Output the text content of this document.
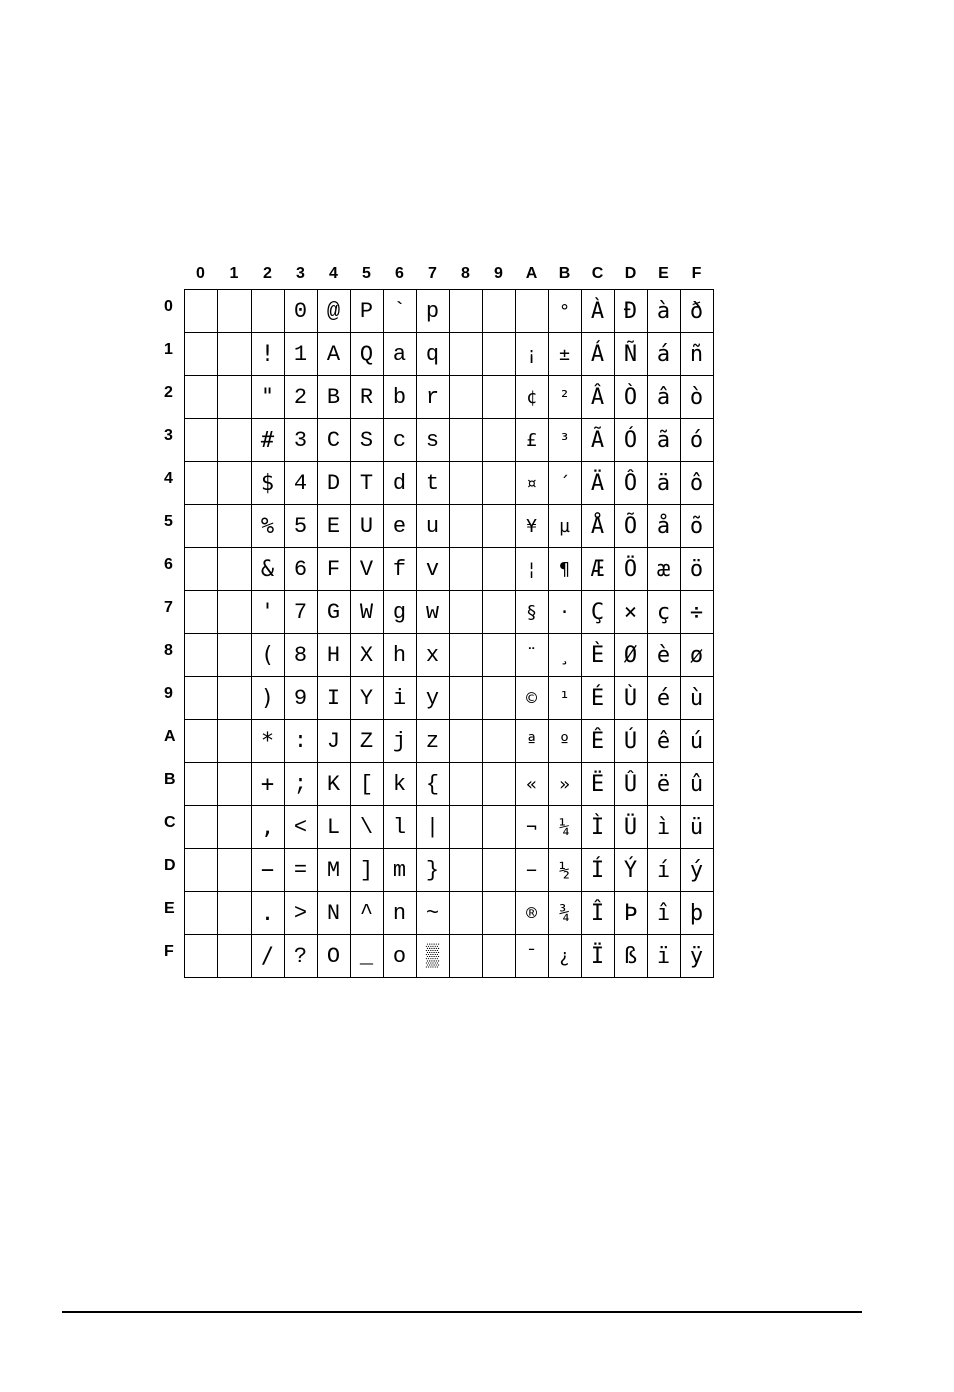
	0	1	2	3	4	5	6	7	8	9	A	B	C	D	E	F
0				0	@	P	`	p				°	À	Ð	à	ð
1			!	1	A	Q	a	q			¡	±	Á	Ñ	á	ñ
2			"	2	B	R	b	r			¢	²	Â	Ò	â	ò
3			#	3	C	S	c	s			£	³	Ã	Ó	ã	ó
4			$	4	D	T	d	t			¤	´	Ä	Ô	ä	ô
5			%	5	E	U	e	u			¥	µ	Å	Õ	å	õ
6			&	6	F	V	f	v			¦	¶	Æ	Ö	æ	ö
7			'	7	G	W	g	w			§	·	Ç	×	ç	÷
8			(	8	H	X	h	x			¨	¸	È	Ø	è	ø
9			)	9	I	Y	i	y			©	¹	É	Ù	é	ù
A			*	:	J	Z	j	z			ª	º	Ê	Ú	ê	ú
B			+	;	K	[	k	{			«	»	Ë	Û	ë	û
C			,	<	L	\	l	|			¬	¼	Ì	Ü	ì	ü
D			−	=	M	]	m	}			−	½	Í	Ý	í	ý
E			.	>	N	^	n	~			®	¾	Î	Þ	î	þ
F			/	?	O	_	o	▒			¯	¿	Ï	ß	ï	ÿ
